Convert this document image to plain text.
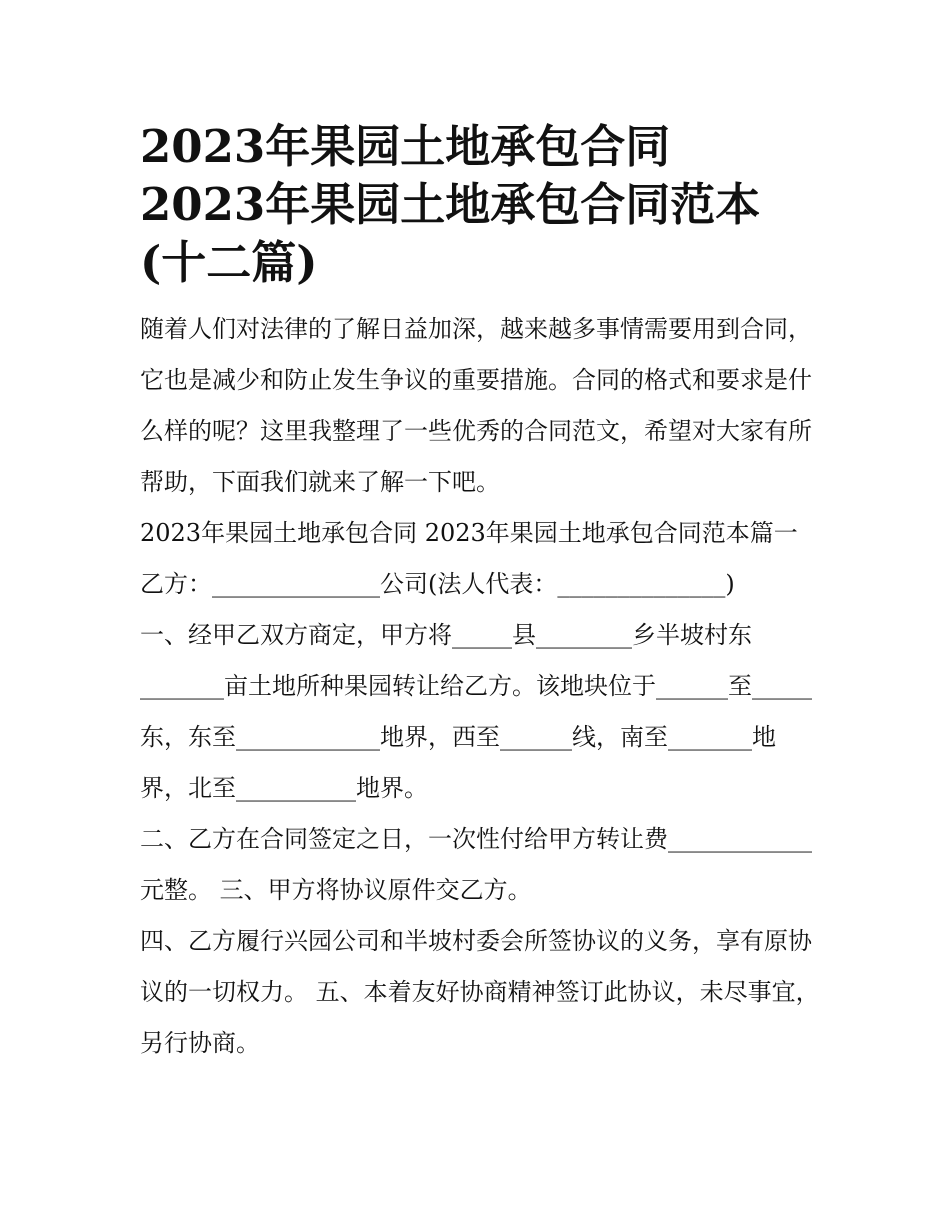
2023年果园土地承包合同
2023年果园土地承包合同范本
(十二篇)

随着人们对法律的了解日益加深，越来越多事情需要用到合同，它也是减少和防止发生争议的重要措施。合同的格式和要求是什么样的呢？这里我整理了一些优秀的合同范文，希望对大家有所帮助，下面我们就来了解一下吧。

2023年果园土地承包合同 2023年果园土地承包合同范本篇一

乙方：______________公司(法人代表：______________)

一、经甲乙双方商定，甲方将_____县________乡半坡村东_______亩土地所种果园转让给乙方。该地块位于______至_____东，东至____________地界，西至______线，南至_______地界，北至__________地界。

二、乙方在合同签定之日，一次性付给甲方转让费____________元整。 三、甲方将协议原件交乙方。

四、乙方履行兴园公司和半坡村委会所签协议的义务，享有原协议的一切权力。 五、本着友好协商精神签订此协议，未尽事宜，另行协商。
